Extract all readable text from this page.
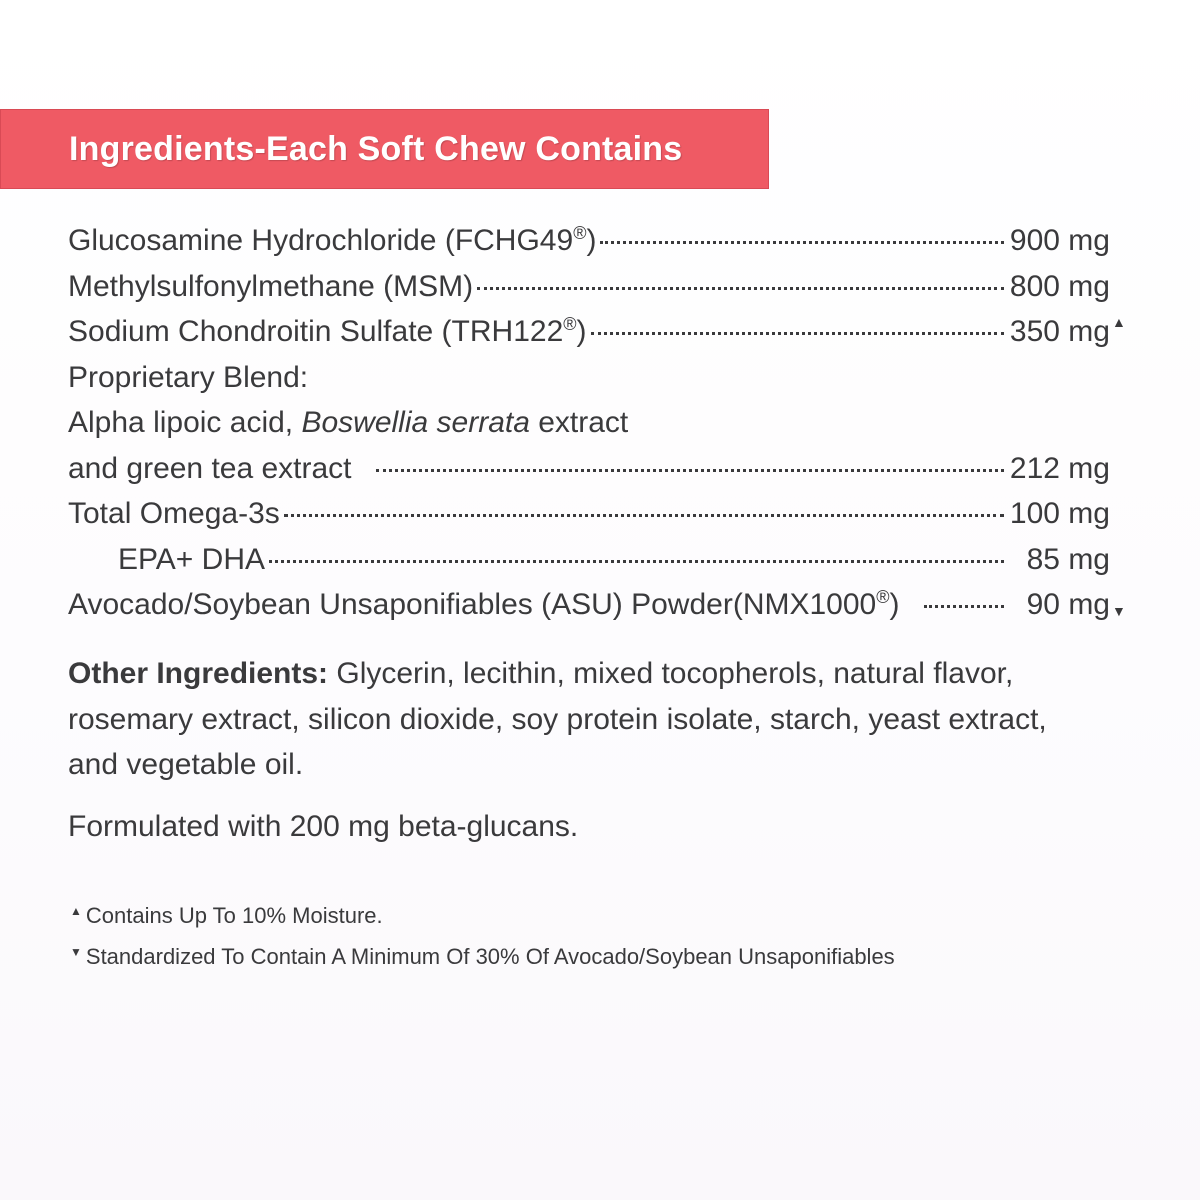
Ingredients-Each Soft Chew Contains
Glucosamine Hydrochloride (FCHG49®)	900 mg
Methylsulfonylmethane (MSM)	800 mg
Sodium Chondroitin Sulfate (TRH122®)	350 mg ▲
Proprietary Blend:
Alpha lipoic acid, Boswellia serrata extract
and green tea extract	212 mg
Total Omega-3s	100 mg
EPA+ DHA	85 mg
Avocado/Soybean Unsaponifiables (ASU) Powder(NMX1000®)	90 mg ▼
Other Ingredients: Glycerin, lecithin, mixed tocopherols, natural flavor, rosemary extract, silicon dioxide, soy protein isolate, starch, yeast extract, and vegetable oil.
Formulated with 200 mg beta-glucans.
▲ Contains Up To 10% Moisture.
▼ Standardized To Contain A Minimum Of 30% Of Avocado/Soybean Unsaponifiables
